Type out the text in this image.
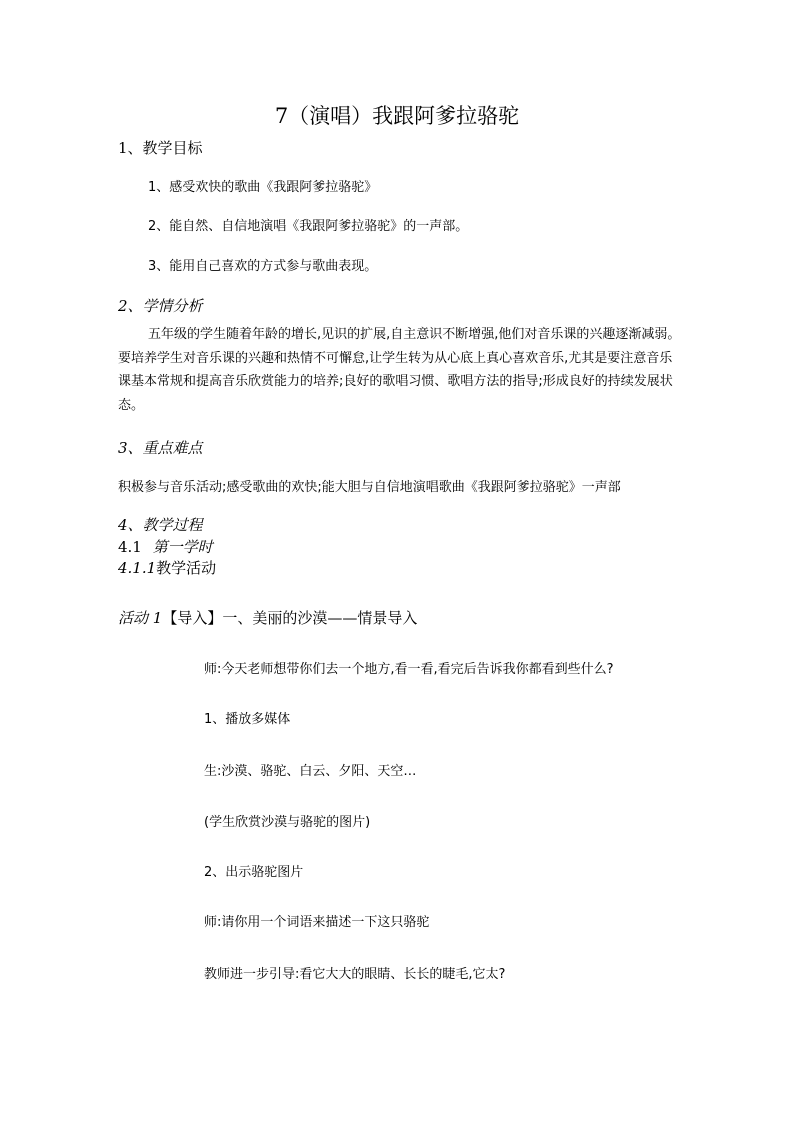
7（演唱）我跟阿爹拉骆驼
1、教学目标
1、感受欢快的歌曲《我跟阿爹拉骆驼》
2、能自然、自信地演唱《我跟阿爹拉骆驼》的一声部。
3、能用自己喜欢的方式参与歌曲表现。
2、学情分析
五年级的学生随着年龄的增长,见识的扩展,自主意识不断增强,他们对音乐课的兴趣逐渐减弱。要培养学生对音乐课的兴趣和热情不可懈怠,让学生转为从心底上真心喜欢音乐,尤其是要注意音乐课基本常规和提高音乐欣赏能力的培养;良好的歌唱习惯、歌唱方法的指导;形成良好的持续发展状态。
3、重点难点
积极参与音乐活动;感受歌曲的欢快;能大胆与自信地演唱歌曲《我跟阿爹拉骆驼》一声部
4、教学过程
4.1 第一学时
4.1.1教学活动
活动 1【导入】一、美丽的沙漠——情景导入
师:今天老师想带你们去一个地方,看一看,看完后告诉我你都看到些什么?
1、播放多媒体
生:沙漠、骆驼、白云、夕阳、天空…
(学生欣赏沙漠与骆驼的图片)
2、出示骆驼图片
师:请你用一个词语来描述一下这只骆驼
教师进一步引导:看它大大的眼睛、长长的睫毛,它太?
